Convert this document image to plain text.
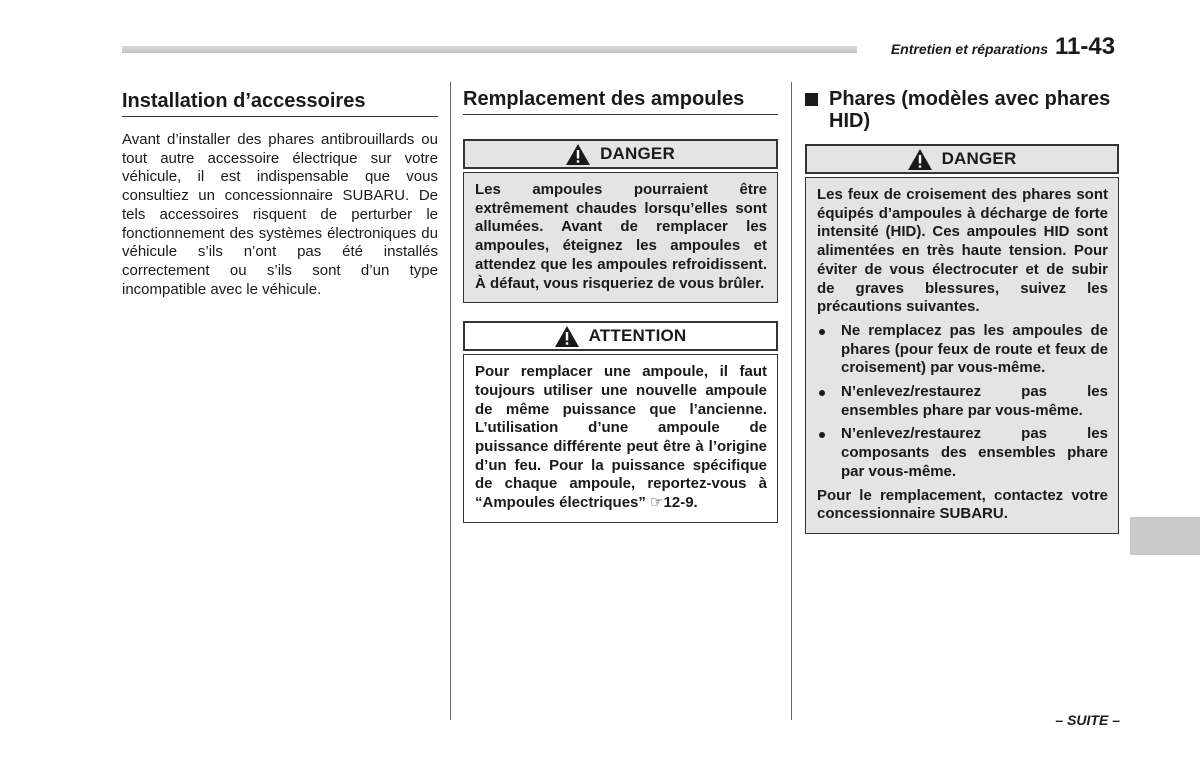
Entretien et réparations 11-43
Installation d’accessoires

Avant d’installer des phares antibrouillards ou tout autre accessoire électrique sur votre véhicule, il est indispensable que vous consultiez un concessionnaire SUBARU. De tels accessoires risquent de perturber le fonctionnement des systèmes électroniques du véhicule s’ils n’ont pas été installés correctement ou s’ils sont d’un type incompatible avec le véhicule.

Remplacement des ampoules
DANGER

Les ampoules pourraient être extrêmement chaudes lorsqu’elles sont allumées. Avant de remplacer les ampoules, éteignez les ampoules et attendez que les ampoules refroidissent. À défaut, vous risqueriez de vous brûler.

ATTENTION

Pour remplacer une ampoule, il faut toujours utiliser une nouvelle ampoule de même puissance que l’ancienne. L’utilisation d’une ampoule de puissance différente peut être à l’origine d’un feu. Pour la puissance spécifique de chaque ampoule, reportez-vous à “Ampoules électriques” ☞12-9.

Phares (modèles avec phares HID)
DANGER

Les feux de croisement des phares sont équipés d’ampoules à décharge de forte intensité (HID). Ces ampoules HID sont alimentées en très haute tension. Pour éviter de vous électrocuter et de subir de graves blessures, suivez les précautions suivantes.

Ne remplacez pas les ampoules de phares (pour feux de route et feux de croisement) par vous-même.
N’enlevez/restaurez pas les ensembles phare par vous-même.
N’enlevez/restaurez pas les composants des ensembles phare par vous-même.

Pour le remplacement, contactez votre concessionnaire SUBARU.

– SUITE –
